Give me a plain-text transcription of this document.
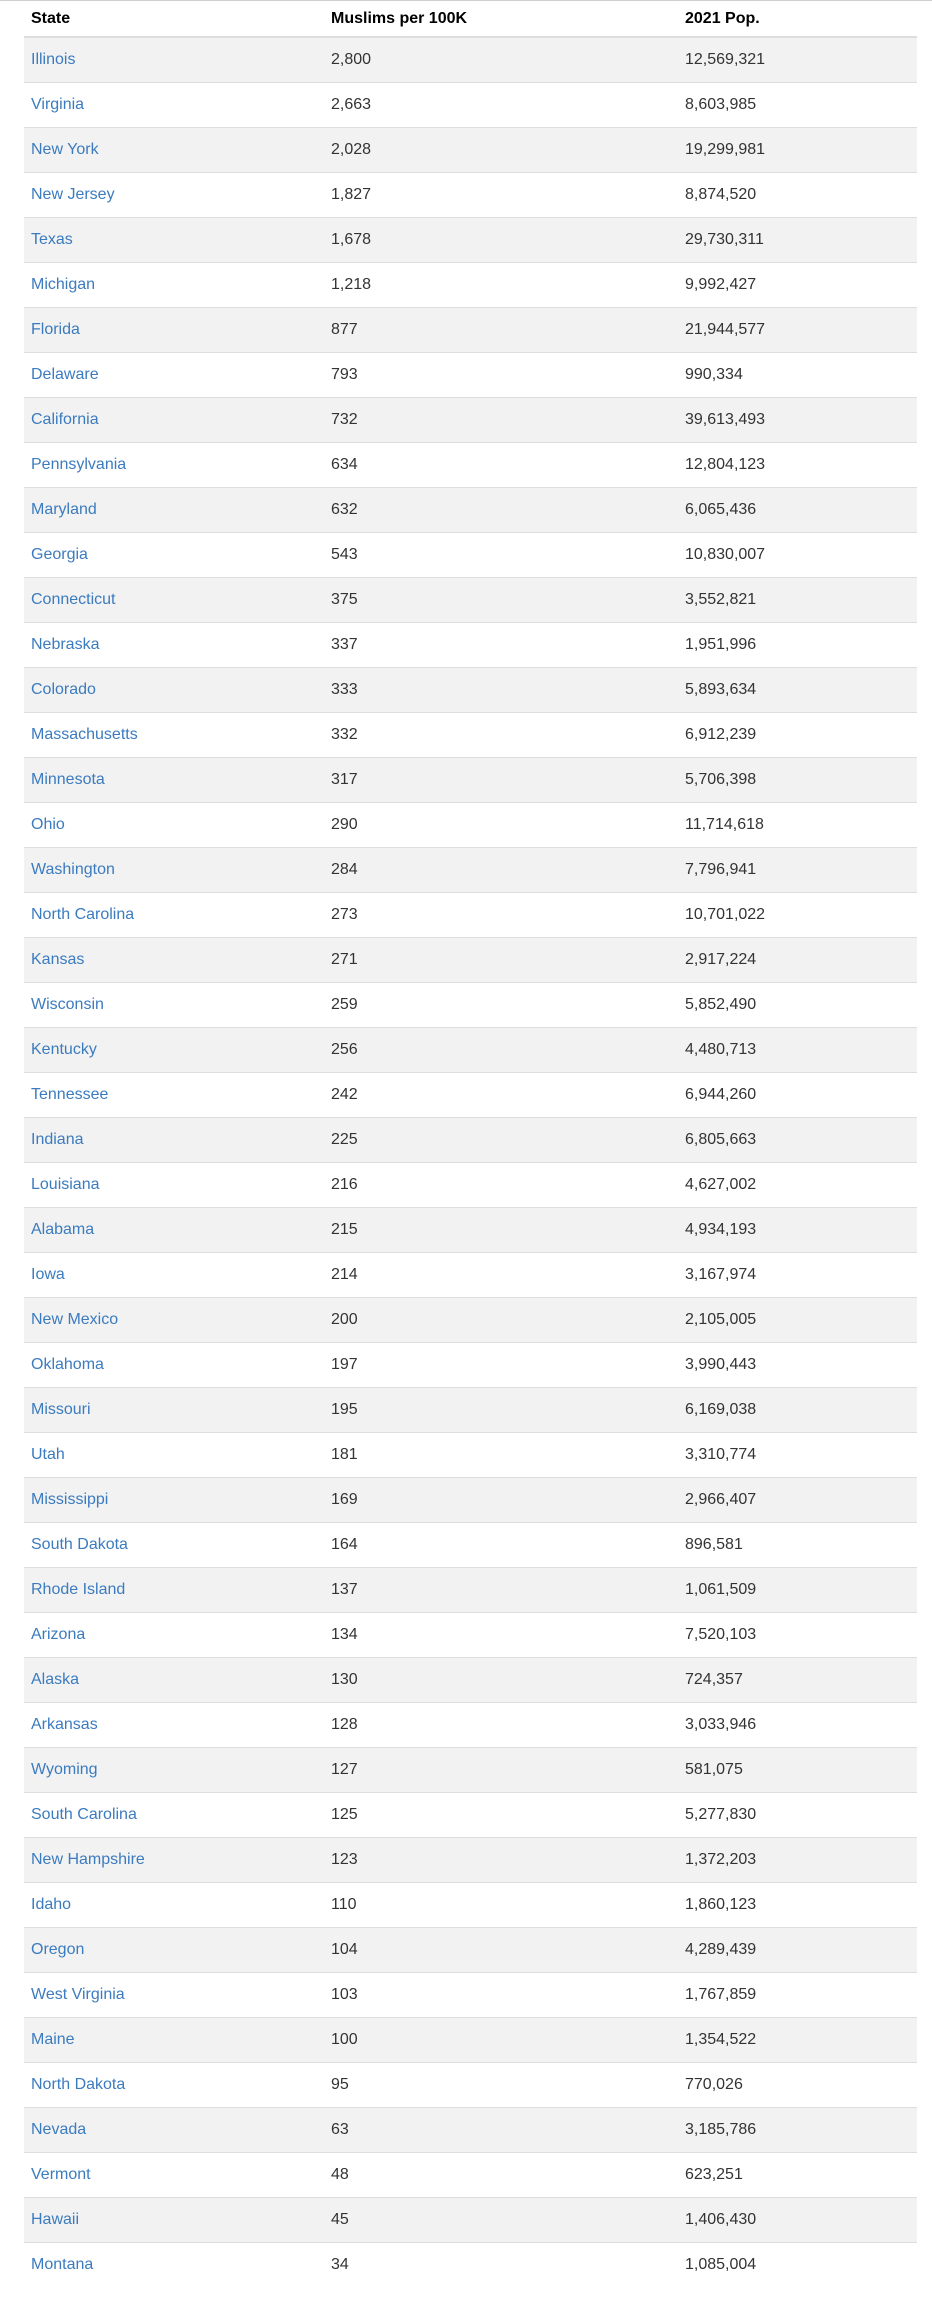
State	Muslims per 100K	2021 Pop.
Illinois	2,800	12,569,321
Virginia	2,663	8,603,985
New York	2,028	19,299,981
New Jersey	1,827	8,874,520
Texas	1,678	29,730,311
Michigan	1,218	9,992,427
Florida	877	21,944,577
Delaware	793	990,334
California	732	39,613,493
Pennsylvania	634	12,804,123
Maryland	632	6,065,436
Georgia	543	10,830,007
Connecticut	375	3,552,821
Nebraska	337	1,951,996
Colorado	333	5,893,634
Massachusetts	332	6,912,239
Minnesota	317	5,706,398
Ohio	290	11,714,618
Washington	284	7,796,941
North Carolina	273	10,701,022
Kansas	271	2,917,224
Wisconsin	259	5,852,490
Kentucky	256	4,480,713
Tennessee	242	6,944,260
Indiana	225	6,805,663
Louisiana	216	4,627,002
Alabama	215	4,934,193
Iowa	214	3,167,974
New Mexico	200	2,105,005
Oklahoma	197	3,990,443
Missouri	195	6,169,038
Utah	181	3,310,774
Mississippi	169	2,966,407
South Dakota	164	896,581
Rhode Island	137	1,061,509
Arizona	134	7,520,103
Alaska	130	724,357
Arkansas	128	3,033,946
Wyoming	127	581,075
South Carolina	125	5,277,830
New Hampshire	123	1,372,203
Idaho	110	1,860,123
Oregon	104	4,289,439
West Virginia	103	1,767,859
Maine	100	1,354,522
North Dakota	95	770,026
Nevada	63	3,185,786
Vermont	48	623,251
Hawaii	45	1,406,430
Montana	34	1,085,004
